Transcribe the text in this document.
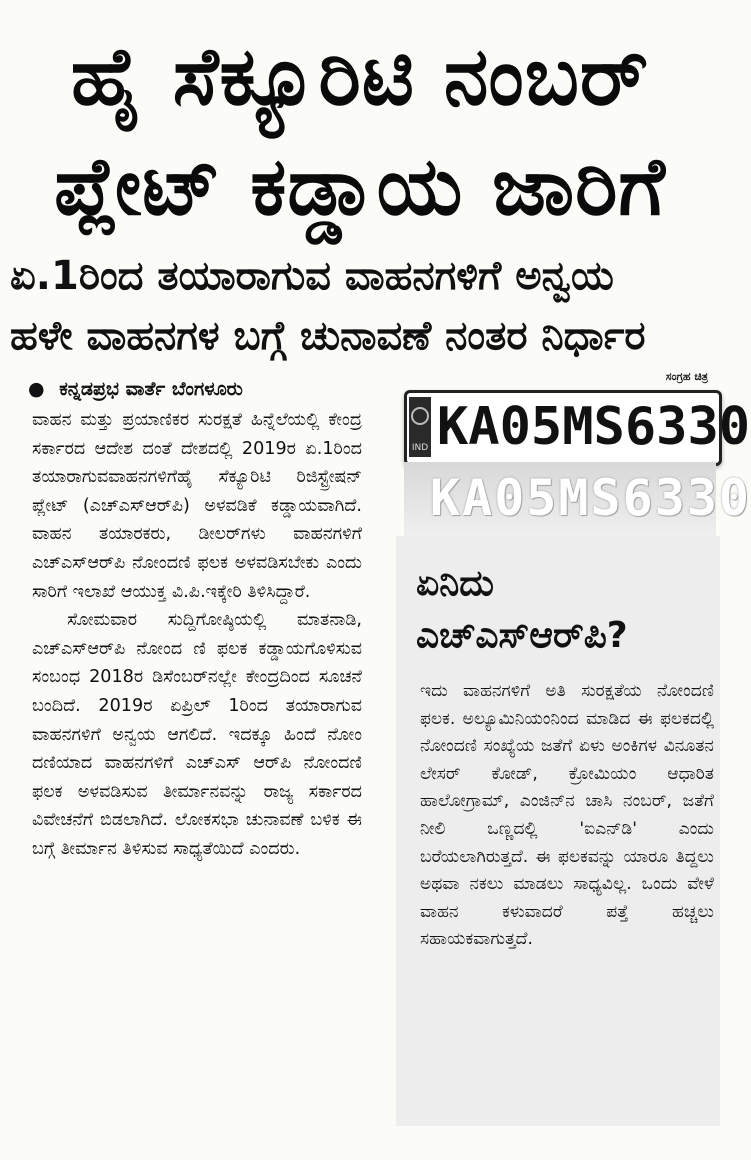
ಹೈ ಸೆಕ್ಯೂರಿಟಿ ನಂಬರ್
ಪ್ಲೇಟ್ ಕಡ್ಡಾಯ ಜಾರಿಗೆ
ಏ.1ರಿಂದ ತಯಾರಾಗುವ ವಾಹನಗಳಿಗೆ ಅನ್ವಯ
ಹಳೇ ವಾಹನಗಳ ಬಗ್ಗೆ ಚುನಾವಣೆ ನಂತರ ನಿರ್ಧಾರ
● ಕನ್ನಡಪ್ರಭ ವಾರ್ತೆ ಬೆಂಗಳೂರು

ವಾಹನ ಮತ್ತು ಪ್ರಯಾಣಿಕರ ಸುರಕ್ಷತೆ ಹಿನ್ನೆಲೆಯಲ್ಲಿ ಕೇಂದ್ರ ಸರ್ಕಾರದ ಆದೇಶ ದಂತೆ ದೇಶದಲ್ಲಿ 2019ರ ಏ.1ರಿಂದ ತಯಾರಾಗುವವಾಹನಗಳಿಗೆಹೈ ಸೆಕ್ಯೂರಿಟಿ ರಿಜಿಸ್ಟ್ರೇಷನ್ ಪ್ಲೇಟ್ (ಎಚ್‌ಎಸ್‌ಆರ್‌ಪಿ) ಅಳವಡಿಕೆ ಕಡ್ಡಾಯವಾಗಿದೆ. ವಾಹನ ತಯಾರಕರು, ಡೀಲರ್‌ಗಳು ವಾಹನಗಳಿಗೆ ಎಚ್‌ಎಸ್‌ಆರ್‌ಪಿ ನೋಂದಣಿ ಫಲಕ ಅಳವಡಿಸಬೇಕು ಎಂದು ಸಾರಿಗೆ ಇಲಾಖೆ ಆಯುಕ್ತ ವಿ.ಪಿ.ಇಕ್ಕೇರಿ ತಿಳಿಸಿದ್ದಾರೆ.

ಸೋಮವಾರ ಸುದ್ದಿಗೋಷ್ಠಿಯಲ್ಲಿ ಮಾತನಾಡಿ, ಎಚ್‌ಎಸ್‌ಆರ್‌ಪಿ ನೋಂದ ಣಿ ಫಲಕ ಕಡ್ಡಾಯಗೊಳಿಸುವ ಸಂಬಂಧ 2018ರ ಡಿಸೆಂಬರ್‌ನಲ್ಲೇ ಕೇಂದ್ರದಿಂದ ಸೂಚನೆ ಬಂದಿದೆ. 2019ರ ಏಪ್ರಿಲ್ 1ರಿಂದ ತಯಾರಾಗುವ ವಾಹನಗಳಿಗೆ ಅನ್ವಯ ಆಗಲಿದೆ. ಇದಕ್ಕೂ ಹಿಂದೆ ನೋಂ ದಣಿಯಾದ ವಾಹನಗಳಿಗೆ ಎಚ್‌ಎಸ್ ಆರ್‌ಪಿ ನೋಂದಣಿ ಫಲಕ ಅಳವಡಿಸುವ ತೀರ್ಮಾನವನ್ನು ರಾಜ್ಯ ಸರ್ಕಾರದ ವಿವೇಚನೆಗೆ ಬಿಡಲಾಗಿದೆ. ಲೋಕಸಭಾ ಚುನಾವಣೆ ಬಳಿಕ ಈ ಬಗ್ಗೆ ತೀರ್ಮಾನ ತಿಳಿಸುವ ಸಾಧ್ಯತೆಯಿದೆ ಎಂದರು.

ಸಂಗ್ರಹ ಚಿತ್ರ
IND KA05MS6330
KA05MS6330
ಏನಿದು ಎಚ್‌ಎಸ್‌ಆರ್‌ಪಿ?
ಇದು ವಾಹನಗಳಿಗೆ ಅತಿ ಸುರಕ್ಷತೆಯ ನೋಂದಣಿ ಫಲಕ. ಅಲ್ಯೂಮಿನಿಯಂನಿಂದ ಮಾಡಿದ ಈ ಫಲಕದಲ್ಲಿ ನೋಂದಣಿ ಸಂಖ್ಯೆಯ ಜತೆಗೆ ಏಳು ಅಂಕಿಗಳ ವಿನೂತನ ಲೇಸರ್ ಕೋಡ್, ಕ್ರೋಮಿಯಂ ಆಧಾರಿತ ಹಾಲೋಗ್ರಾಮ್, ಎಂಜಿನ್‌ನ ಚಾಸಿ ನಂಬರ್, ಜತೆಗೆ ನೀಲಿ ಒಣ್ಣದಲ್ಲಿ 'ಐಎನ್‌ಡಿ' ಎಂದು ಬರೆಯಲಾಗಿರುತ್ತದೆ. ಈ ಫಲಕವನ್ನು ಯಾರೂ ತಿದ್ದಲು ಅಥವಾ ನಕಲು ಮಾಡಲು ಸಾಧ್ಯವಿಲ್ಲ. ಒಂದು ವೇಳೆ ವಾಹನ ಕಳುವಾದರೆ ಪತ್ತೆ ಹಚ್ಚಲು ಸಹಾಯಕವಾಗುತ್ತದೆ.
